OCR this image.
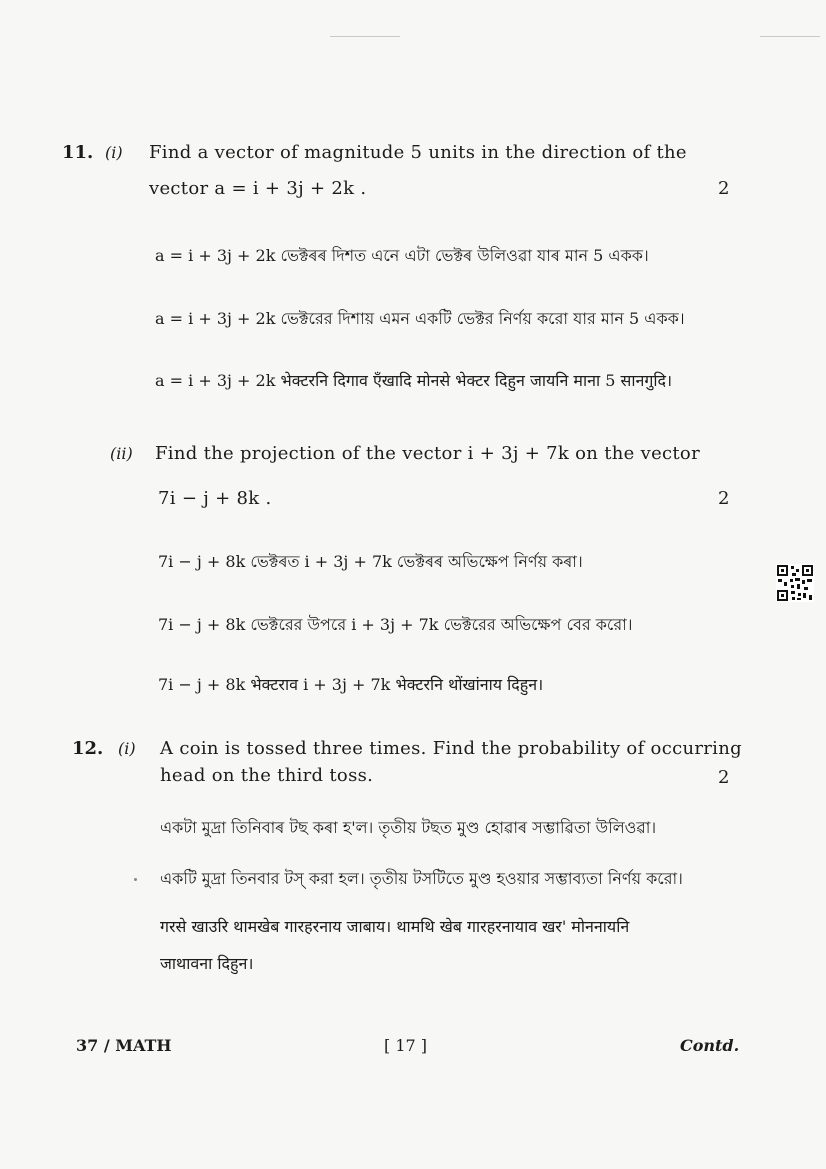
11. (i) Find a vector of magnitude 5 units in the direction of the
vector a = i + 3j + 2k .	2
a = i + 3j + 2k ভেক্টৰৰ দিশত এনে এটা ভেক্টৰ উলিওৱা যাৰ মান 5 একক।
a = i + 3j + 2k ভেক্টরের দিশায় এমন একটি ভেক্টর নির্ণয় করো যার মান 5 একক।
a = i + 3j + 2k भेक्टरनि दिगाव एँखादि मोनसे भेक्टर दिहुन जायनि माना 5 सानगुदि।
(ii) Find the projection of the vector i + 3j + 7k on the vector
7i − j + 8k .	2
7i − j + 8k ভেক্টৰত i + 3j + 7k ভেক্টৰৰ অভিক্ষেপ নিৰ্ণয় কৰা।
7i − j + 8k ভেক্টরের উপরে i + 3j + 7k ভেক্টরের অভিক্ষেপ বের করো।
7i − j + 8k भेक्टराव i + 3j + 7k भेक्टरनि थोंखांनाय दिहुन।
12. (i) A coin is tossed three times. Find the probability of occurring
head on the third toss.	2
একটা মুদ্ৰা তিনিবাৰ টছ কৰা হ'ল। তৃতীয় টছত মুণ্ড হোৱাৰ সম্ভাৱিতা উলিওৱা।
একটি মুদ্রা তিনবার টস্ করা হল। তৃতীয় টসটিতে মুণ্ড হওয়ার সম্ভাব্যতা নির্ণয় করো।
गरसे खाउरि थामखेब गारहरनाय जाबाय। थामथि खेब गारहरनायाव खर' मोननायनि
जाथावना दिहुन।
37 / MATH	[ 17 ]	Contd.
